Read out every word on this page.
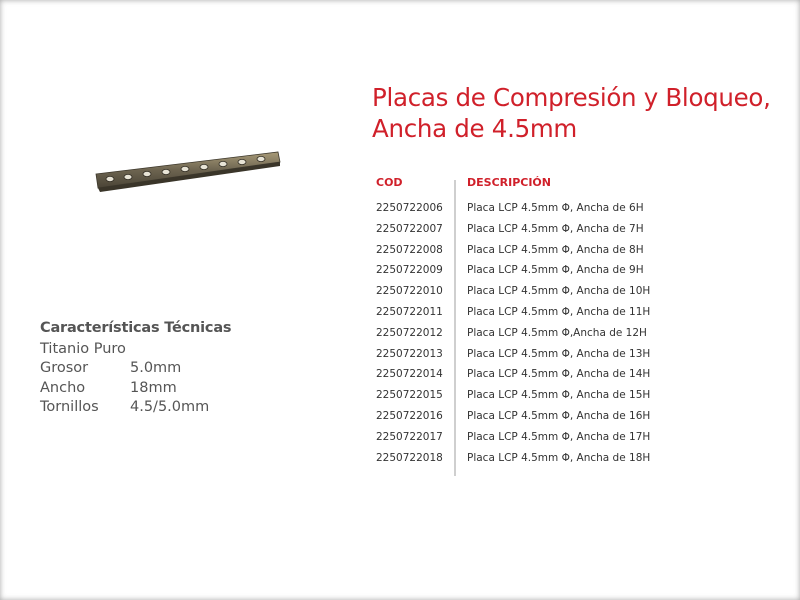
Placas de Compresión y Bloqueo,
Ancha de 4.5mm
Características Técnicas
Titanio Puro
Grosor	5.0mm
Ancho	18mm
Tornillos	4.5/5.0mm
COD	DESCRIPCIÓN
2250722006 Placa LCP 4.5mm Φ, Ancha de 6H
2250722007 Placa LCP 4.5mm Φ, Ancha de 7H
2250722008 Placa LCP 4.5mm Φ, Ancha de 8H
2250722009 Placa LCP 4.5mm Φ, Ancha de 9H
2250722010 Placa LCP 4.5mm Φ, Ancha de 10H
2250722011 Placa LCP 4.5mm Φ, Ancha de 11H
2250722012 Placa LCP 4.5mm Φ,Ancha de 12H
2250722013 Placa LCP 4.5mm Φ, Ancha de 13H
2250722014 Placa LCP 4.5mm Φ, Ancha de 14H
2250722015 Placa LCP 4.5mm Φ, Ancha de 15H
2250722016 Placa LCP 4.5mm Φ, Ancha de 16H
2250722017 Placa LCP 4.5mm Φ, Ancha de 17H
2250722018 Placa LCP 4.5mm Φ, Ancha de 18H
